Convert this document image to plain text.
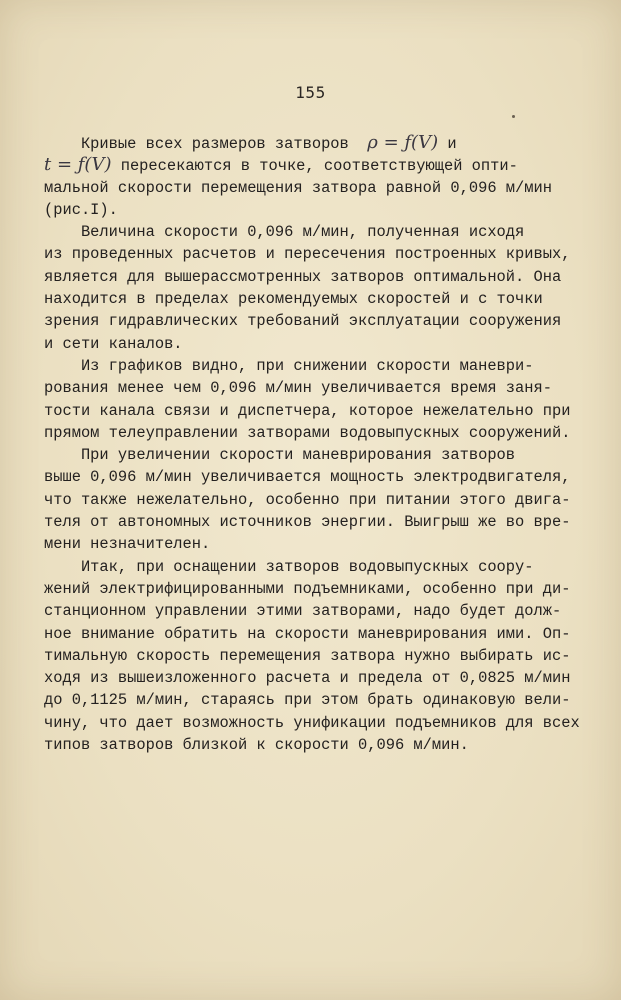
155
Кривые всех размеров затворов ρ = ƒ(V) и
t = ƒ(V) пересекаются в точке, соответствующей опти-
мальной скорости перемещения затвора равной 0,096 м/мин
(рис.I).
Величина скорости 0,096 м/мин, полученная исходя
из проведенных расчетов и пересечения построенных кривых,
является для вышерассмотренных затворов оптимальной. Она
находится в пределах рекомендуемых скоростей и с точки
зрения гидравлических требований эксплуатации сооружения
и сети каналов.
Из графиков видно, при снижении скорости маневри-
рования менее чем 0,096 м/мин увеличивается время заня-
тости канала связи и диспетчера, которое нежелательно при
прямом телеуправлении затворами водовыпускных сооружений.
При увеличении скорости маневрирования затворов
выше 0,096 м/мин увеличивается мощность электродвигателя,
что также нежелательно, особенно при питании этого двига-
теля от автономных источников энергии. Выигрыш же во вре-
мени незначителен.
Итак, при оснащении затворов водовыпускных соору-
жений электрифицированными подъемниками, особенно при ди-
станционном управлении этими затворами, надо будет долж-
ное внимание обратить на скорости маневрирования ими. Оп-
тимальную скорость перемещения затвора нужно выбирать ис-
ходя из вышеизложенного расчета и предела от 0,0825 м/мин
до 0,1125 м/мин, стараясь при этом брать одинаковую вели-
чину, что дает возможность унификации подъемников для всех
типов затворов близкой к скорости 0,096 м/мин.
